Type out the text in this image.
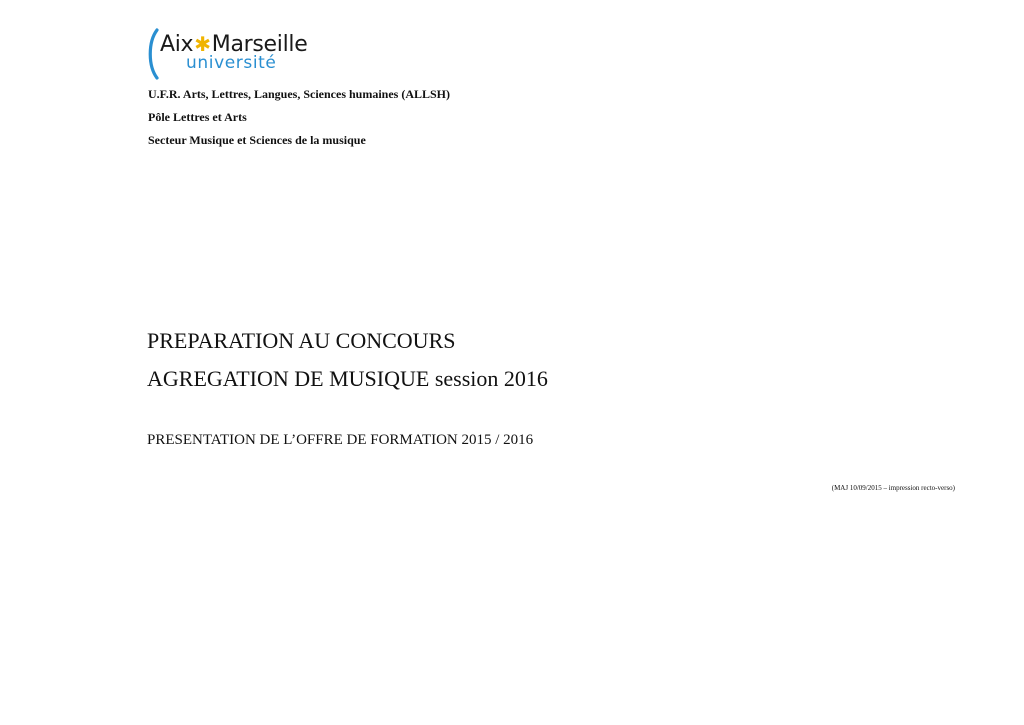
Aix✱Marseille
université
U.F.R. Arts, Lettres, Langues, Sciences humaines (ALLSH)
Pôle Lettres et Arts
Secteur Musique et Sciences de la musique
PREPARATION AU CONCOURS
AGREGATION DE MUSIQUE session 2016
PRESENTATION DE L’OFFRE DE FORMATION 2015 / 2016
(MAJ 10/09/2015 – impression recto-verso)
